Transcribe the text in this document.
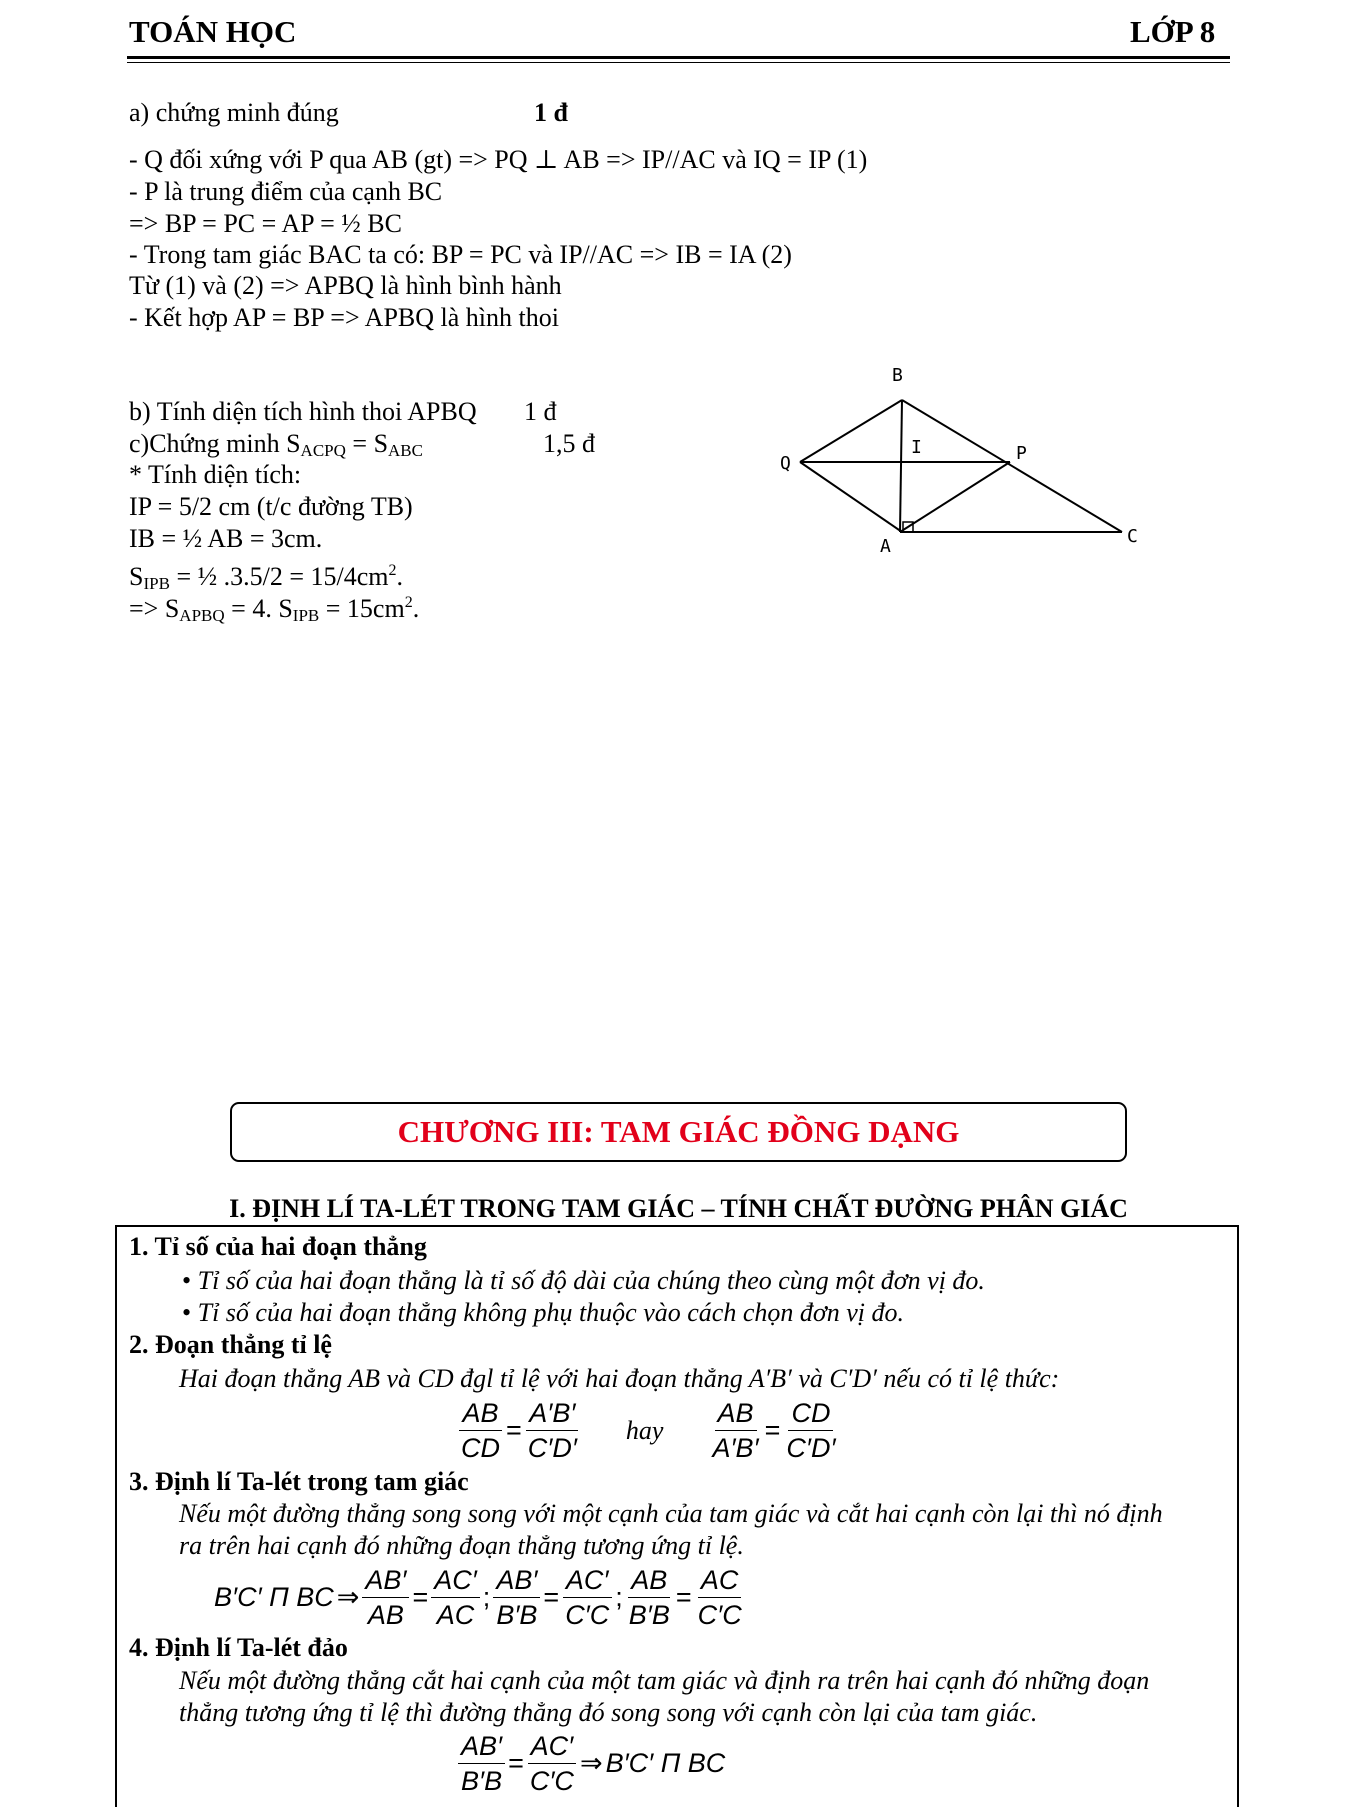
TOÁN HỌC	LỚP 8
a) chứng minh đúng	1 đ
- Q đối xứng với P qua AB (gt) => PQ ⊥ AB => IP//AC và IQ = IP (1)
- P là trung điểm của cạnh BC
=> BP = PC = AP = ½ BC
- Trong tam giác BAC ta có: BP = PC và IP//AC => IB = IA (2)
Từ (1) và (2) => APBQ là hình bình hành
- Kết hợp AP = BP => APBQ là hình thoi
b) Tính diện tích hình thoi APBQ 1 đ
c)Chứng minh $S_{ACPQ} = S_{ABC}$	1,5 đ
* Tính diện tích:
IP = 5/2 cm (t/c đường TB)
IB = ½ AB = 3cm.
$S_{IPB}$ = ½ $.3.5/2 = 15/4cm^2$.
=> $S_{APBQ} = 4$. $S_{IPB} = 15cm^2$.
B
Q
I	P
A	C
CHƯƠNG III: TAM GIÁC ĐỒNG DẠNG
I. ĐỊNH LÍ TA-LÉT TRONG TAM GIÁC – TÍNH CHẤT ĐƯỜNG PHÂN GIÁC
1. Tỉ số của hai đoạn thẳng
• Tỉ số của hai đoạn thẳng là tỉ số độ dài của chúng theo cùng một đơn vị đo.
• Tỉ số của hai đoạn thẳng không phụ thuộc vào cách chọn đơn vị đo.
2. Đoạn thẳng tỉ lệ
Hai đoạn thẳng AB và CD đgl tỉ lệ với hai đoạn thẳng A′B′ và C′D′ nếu có tỉ lệ thức:
$\frac{AB}{CD} = \frac{A'B'}{C'D'}$ hay $\frac{AB}{A'B'} = \frac{CD}{C'D'}$
3. Định lí Ta-lét trong tam giác
Nếu một đường thẳng song song với một cạnh của tam giác và cắt hai cạnh còn lại thì nó định
ra trên hai cạnh đó những đoạn thẳng tương ứng tỉ lệ.
B′C′ Π BC ⇒ $\frac{AB'}{AB} = \frac{AC'}{AC}$ ; $\frac{AB'}{B'B} = \frac{AC'}{C'C}$ ; $\frac{AB}{B'B} = \frac{AC}{C'C}$
4. Định lí Ta-lét đảo
Nếu một đường thẳng cắt hai cạnh của một tam giác và định ra trên hai cạnh đó những đoạn
thẳng tương ứng tỉ lệ thì đường thẳng đó song song với cạnh còn lại của tam giác.
$\frac{AB'}{B'B} = \frac{AC'}{C'C}$ ⇒ B′C′ Π BC
